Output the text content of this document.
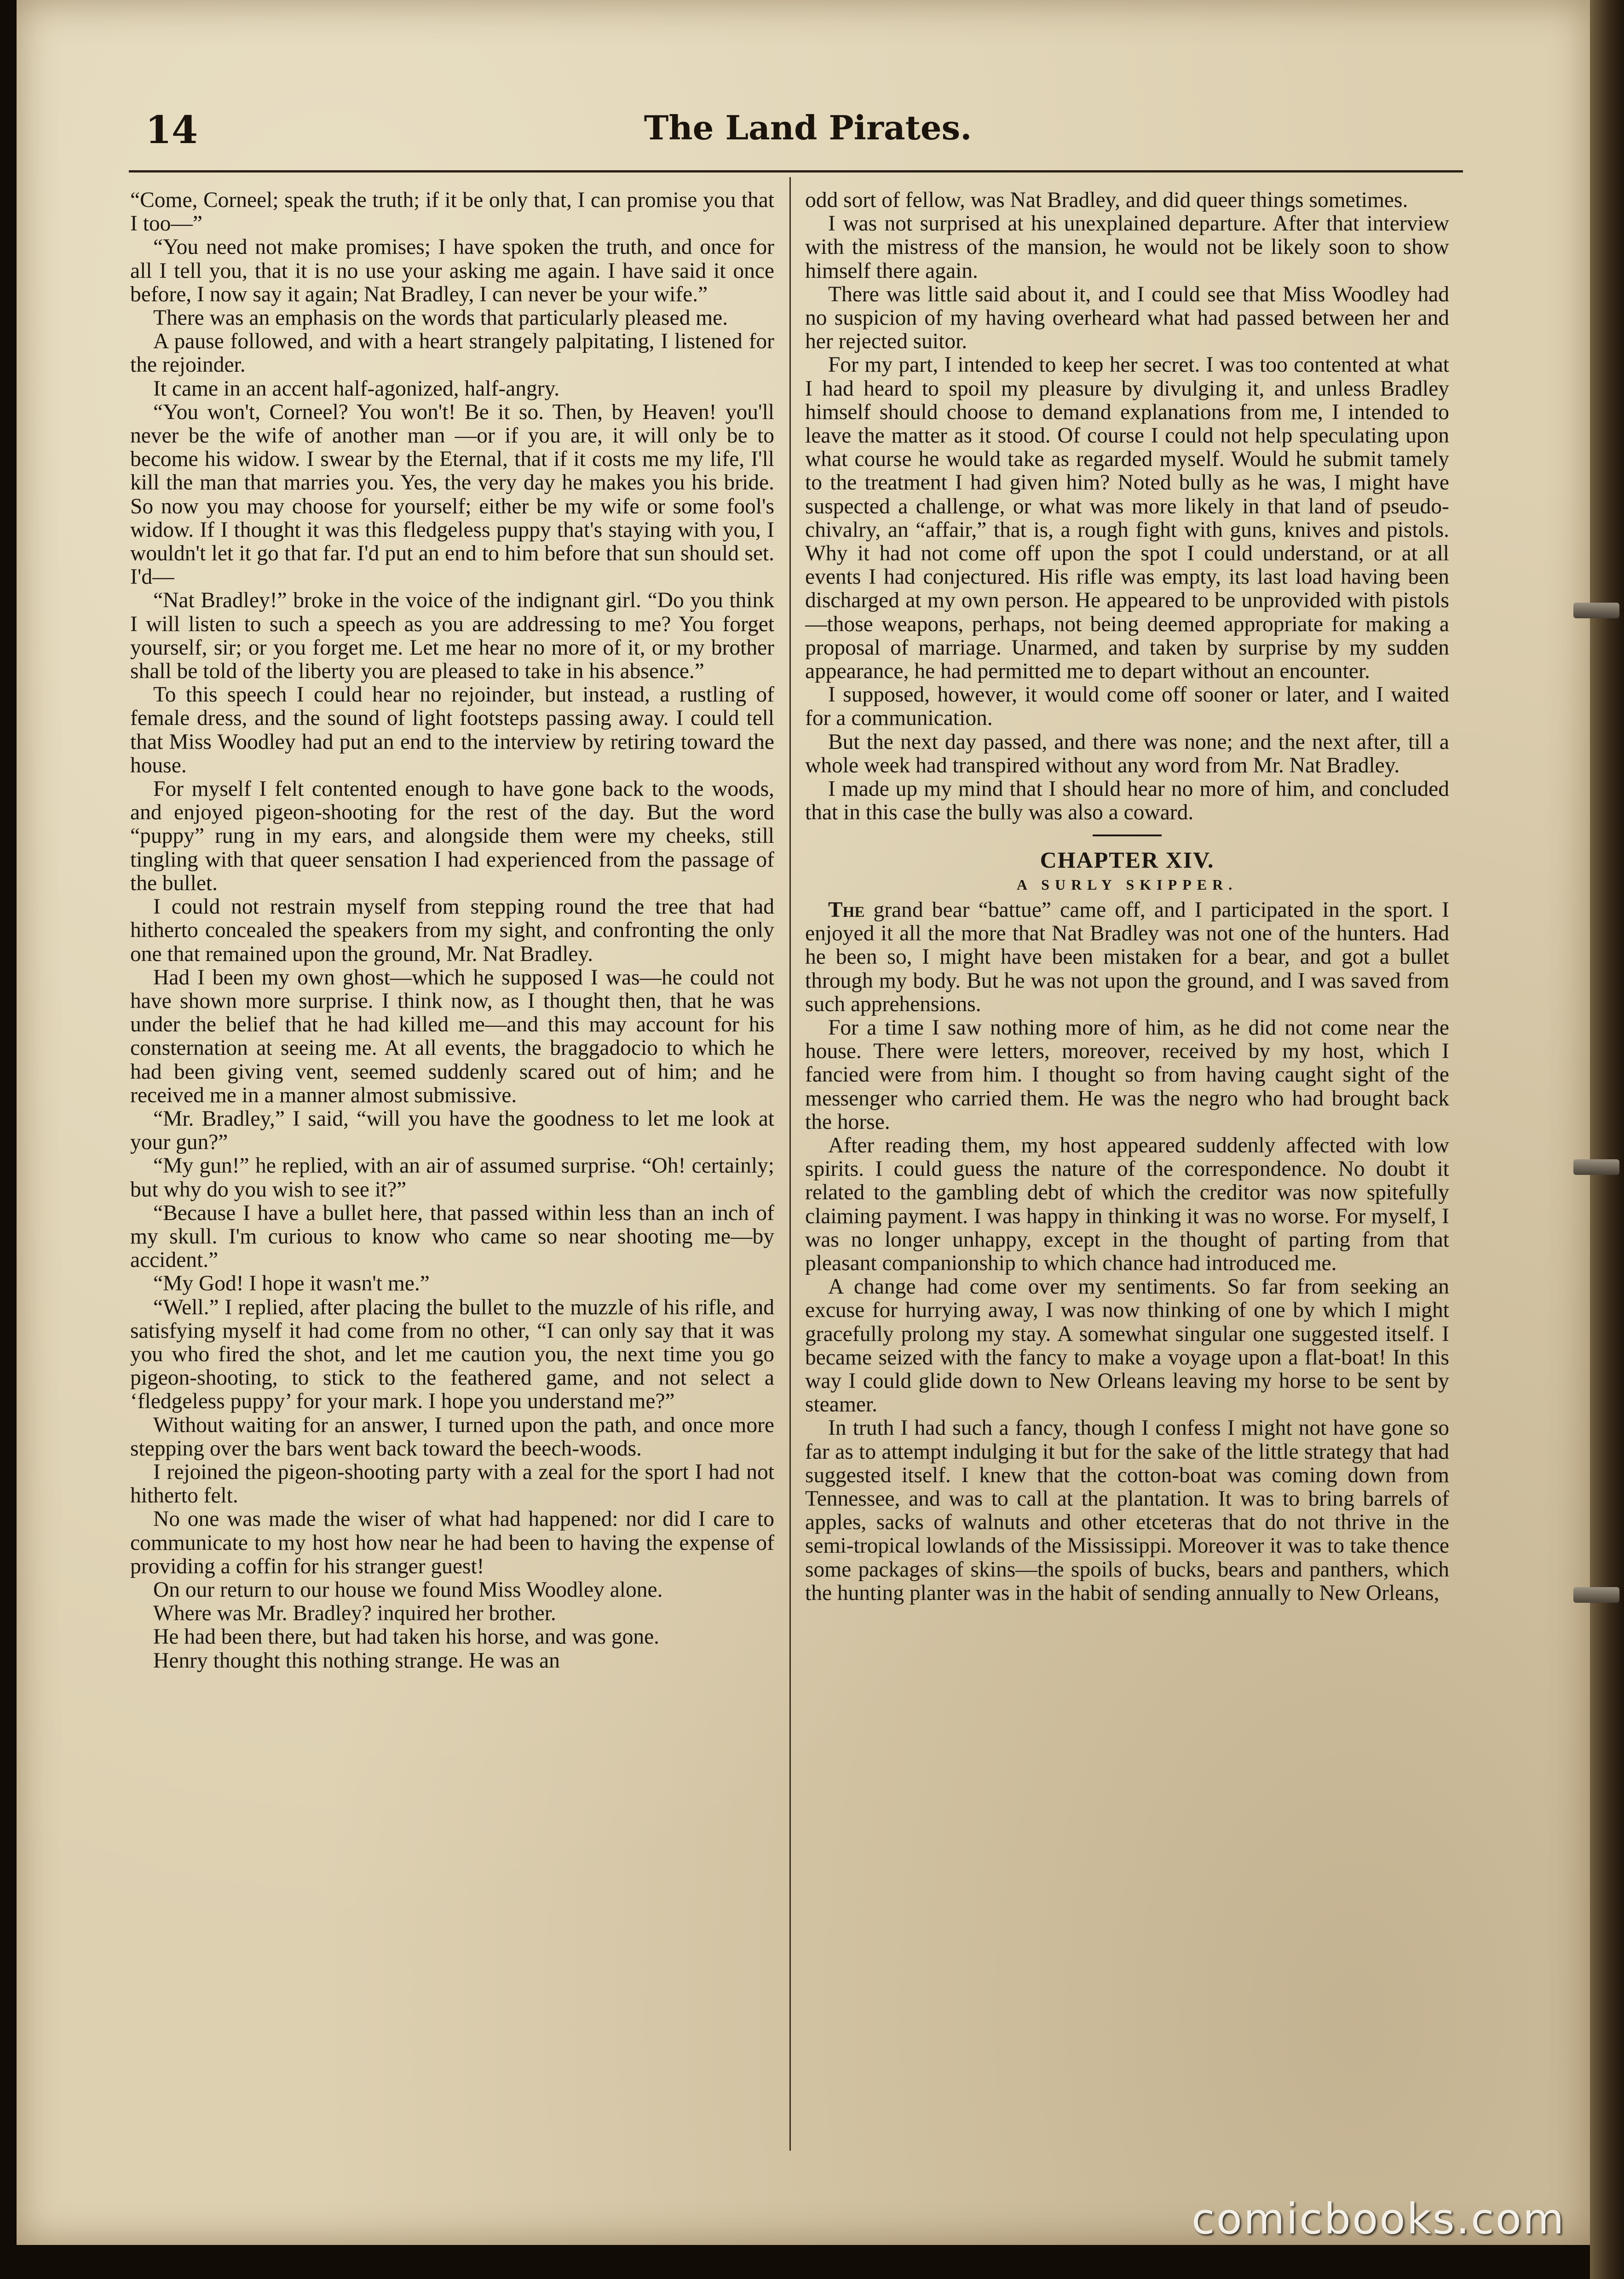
14	The Land Pirates.

“Come, Corneel; speak the truth; if it be only that, I can promise you that I too—”

“You need not make promises; I have spoken the truth, and once for all I tell you, that it is no use your asking me again. I have said it once before, I now say it again; Nat Bradley, I can never be your wife.”

There was an emphasis on the words that particularly pleased me.

A pause followed, and with a heart strangely palpitating, I listened for the rejoinder.

It came in an accent half-agonized, half-angry.

“You won't, Corneel? You won't! Be it so. Then, by Heaven! you'll never be the wife of another man —or if you are, it will only be to become his widow. I swear by the Eternal, that if it costs me my life, I'll kill the man that marries you. Yes, the very day he makes you his bride. So now you may choose for yourself; either be my wife or some fool's widow. If I thought it was this fledgeless puppy that's staying with you, I wouldn't let it go that far. I'd put an end to him before that sun should set. I'd—

“Nat Bradley!” broke in the voice of the indignant girl. “Do you think I will listen to such a speech as you are addressing to me? You forget yourself, sir; or you forget me. Let me hear no more of it, or my brother shall be told of the liberty you are pleased to take in his absence.”

To this speech I could hear no rejoinder, but instead, a rustling of female dress, and the sound of light footsteps passing away. I could tell that Miss Woodley had put an end to the interview by retiring toward the house.

For myself I felt contented enough to have gone back to the woods, and enjoyed pigeon-shooting for the rest of the day. But the word “puppy” rung in my ears, and alongside them were my cheeks, still tingling with that queer sensation I had experienced from the passage of the bullet.

I could not restrain myself from stepping round the tree that had hitherto concealed the speakers from my sight, and confronting the only one that remained upon the ground, Mr. Nat Bradley.

Had I been my own ghost—which he supposed I was—he could not have shown more surprise. I think now, as I thought then, that he was under the belief that he had killed me—and this may account for his consternation at seeing me. At all events, the braggadocio to which he had been giving vent, seemed suddenly scared out of him; and he received me in a manner almost submissive.

“Mr. Bradley,” I said, “will you have the goodness to let me look at your gun?”

“My gun!” he replied, with an air of assumed surprise. “Oh! certainly; but why do you wish to see it?”

“Because I have a bullet here, that passed within less than an inch of my skull. I'm curious to know who came so near shooting me—by accident.”

“My God! I hope it wasn't me.”

“Well.” I replied, after placing the bullet to the muzzle of his rifle, and satisfying myself it had come from no other, “I can only say that it was you who fired the shot, and let me caution you, the next time you go pigeon-shooting, to stick to the feathered game, and not select a ‘fledgeless puppy’ for your mark. I hope you understand me?”

Without waiting for an answer, I turned upon the path, and once more stepping over the bars went back toward the beech-woods.

I rejoined the pigeon-shooting party with a zeal for the sport I had not hitherto felt.

No one was made the wiser of what had happened: nor did I care to communicate to my host how near he had been to having the expense of providing a coffin for his stranger guest!

On our return to our house we found Miss Woodley alone.

Where was Mr. Bradley? inquired her brother.

He had been there, but had taken his horse, and was gone.

Henry thought this nothing strange. He was an

odd sort of fellow, was Nat Bradley, and did queer things sometimes.

I was not surprised at his unexplained departure. After that interview with the mistress of the mansion, he would not be likely soon to show himself there again.

There was little said about it, and I could see that Miss Woodley had no suspicion of my having overheard what had passed between her and her rejected suitor.

For my part, I intended to keep her secret. I was too contented at what I had heard to spoil my pleasure by divulging it, and unless Bradley himself should choose to demand explanations from me, I intended to leave the matter as it stood. Of course I could not help speculating upon what course he would take as regarded myself. Would he submit tamely to the treatment I had given him? Noted bully as he was, I might have suspected a challenge, or what was more likely in that land of pseudo-chivalry, an “affair,” that is, a rough fight with guns, knives and pistols. Why it had not come off upon the spot I could understand, or at all events I had conjectured. His rifle was empty, its last load having been discharged at my own person. He appeared to be unprovided with pistols—those weapons, perhaps, not being deemed appropriate for making a proposal of marriage. Unarmed, and taken by surprise by my sudden appearance, he had permitted me to depart without an encounter.

I supposed, however, it would come off sooner or later, and I waited for a communication.

But the next day passed, and there was none; and the next after, till a whole week had transpired without any word from Mr. Nat Bradley.

I made up my mind that I should hear no more of him, and concluded that in this case the bully was also a coward.

CHAPTER XIV.
A SURLY SKIPPER.

The grand bear “battue” came off, and I participated in the sport. I enjoyed it all the more that Nat Bradley was not one of the hunters. Had he been so, I might have been mistaken for a bear, and got a bullet through my body. But he was not upon the ground, and I was saved from such apprehensions.

For a time I saw nothing more of him, as he did not come near the house. There were letters, moreover, received by my host, which I fancied were from him. I thought so from having caught sight of the messenger who carried them. He was the negro who had brought back the horse.

After reading them, my host appeared suddenly affected with low spirits. I could guess the nature of the correspondence. No doubt it related to the gambling debt of which the creditor was now spitefully claiming payment. I was happy in thinking it was no worse. For myself, I was no longer unhappy, except in the thought of parting from that pleasant companionship to which chance had introduced me.

A change had come over my sentiments. So far from seeking an excuse for hurrying away, I was now thinking of one by which I might gracefully prolong my stay. A somewhat singular one suggested itself. I became seized with the fancy to make a voyage upon a flat-boat! In this way I could glide down to New Orleans leaving my horse to be sent by steamer.

In truth I had such a fancy, though I confess I might not have gone so far as to attempt indulging it but for the sake of the little strategy that had suggested itself. I knew that the cotton-boat was coming down from Tennessee, and was to call at the plantation. It was to bring barrels of apples, sacks of walnuts and other etceteras that do not thrive in the semi-tropical lowlands of the Mississippi. Moreover it was to take thence some packages of skins—the spoils of bucks, bears and panthers, which the hunting planter was in the habit of sending annually to New Orleans,

comicbooks.com
